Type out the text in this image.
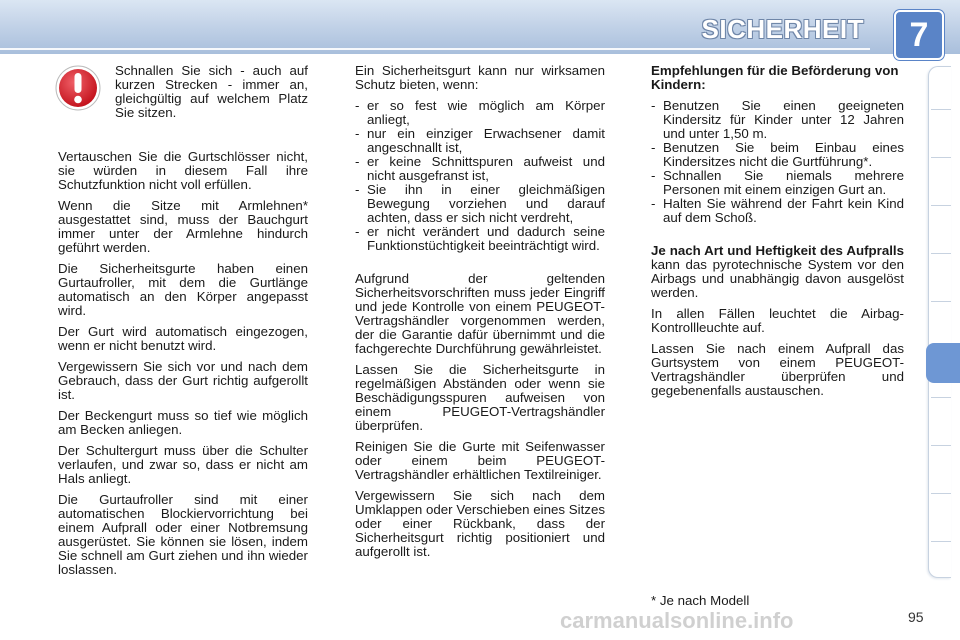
SICHERHEIT	7

Schnallen Sie sich - auch auf kurzen Strecken - immer an, gleichgültig auf welchem Platz Sie sitzen.

Vertauschen Sie die Gurtschlösser nicht, sie würden in diesem Fall ihre Schutzfunktion nicht voll erfüllen.

Wenn die Sitze mit Armlehnen* ausgestattet sind, muss der Bauchgurt immer unter der Armlehne hindurch geführt werden.

Die Sicherheitsgurte haben einen Gurtaufroller, mit dem die Gurtlänge automatisch an den Körper angepasst wird.

Der Gurt wird automatisch eingezogen, wenn er nicht benutzt wird.

Vergewissern Sie sich vor und nach dem Gebrauch, dass der Gurt richtig aufgerollt ist.

Der Beckengurt muss so tief wie möglich am Becken anliegen.

Der Schultergurt muss über die Schulter verlaufen, und zwar so, dass er nicht am Hals anliegt.

Die Gurtaufroller sind mit einer automatischen Blockiervorrichtung bei einem Aufprall oder einer Notbremsung ausgerüstet. Sie können sie lösen, indem Sie schnell am Gurt ziehen und ihn wieder loslassen.

Ein Sicherheitsgurt kann nur wirksamen Schutz bieten, wenn:

- er so fest wie möglich am Körper anliegt,
- nur ein einziger Erwachsener damit angeschnallt ist,
- er keine Schnittspuren aufweist und nicht ausgefranst ist,
- Sie ihn in einer gleichmäßigen Bewegung vorziehen und darauf achten, dass er sich nicht verdreht,
- er nicht verändert und dadurch seine Funktionstüchtigkeit beeinträchtigt wird.

Aufgrund der geltenden Sicherheitsvorschriften muss jeder Eingriff und jede Kontrolle von einem PEUGEOT-Vertragshändler vorgenommen werden, der die Garantie dafür übernimmt und die fachgerechte Durchführung gewährleistet.

Lassen Sie die Sicherheitsgurte in regelmäßigen Abständen oder wenn sie Beschädigungsspuren aufweisen von einem PEUGEOT-Vertragshändler überprüfen.

Reinigen Sie die Gurte mit Seifenwasser oder einem beim PEUGEOT-Vertragshändler erhältlichen Textilreiniger.

Vergewissern Sie sich nach dem Umklappen oder Verschieben eines Sitzes oder einer Rückbank, dass der Sicherheitsgurt richtig positioniert und aufgerollt ist.

Empfehlungen für die Beförderung von Kindern:

- Benutzen Sie einen geeigneten Kindersitz für Kinder unter 12 Jahren und unter 1,50 m.
- Benutzen Sie beim Einbau eines Kindersitzes nicht die Gurtführung*.
- Schnallen Sie niemals mehrere Personen mit einem einzigen Gurt an.
- Halten Sie während der Fahrt kein Kind auf dem Schoß.

Je nach Art und Heftigkeit des Aufpralls kann das pyrotechnische System vor den Airbags und unabhängig davon ausgelöst werden.

In allen Fällen leuchtet die Airbag-Kontrollleuchte auf.

Lassen Sie nach einem Aufprall das Gurtsystem von einem PEUGEOT-Vertragshändler überprüfen und gegebenenfalls austauschen.

* Je nach Modell
carmanualsonline.info	95
